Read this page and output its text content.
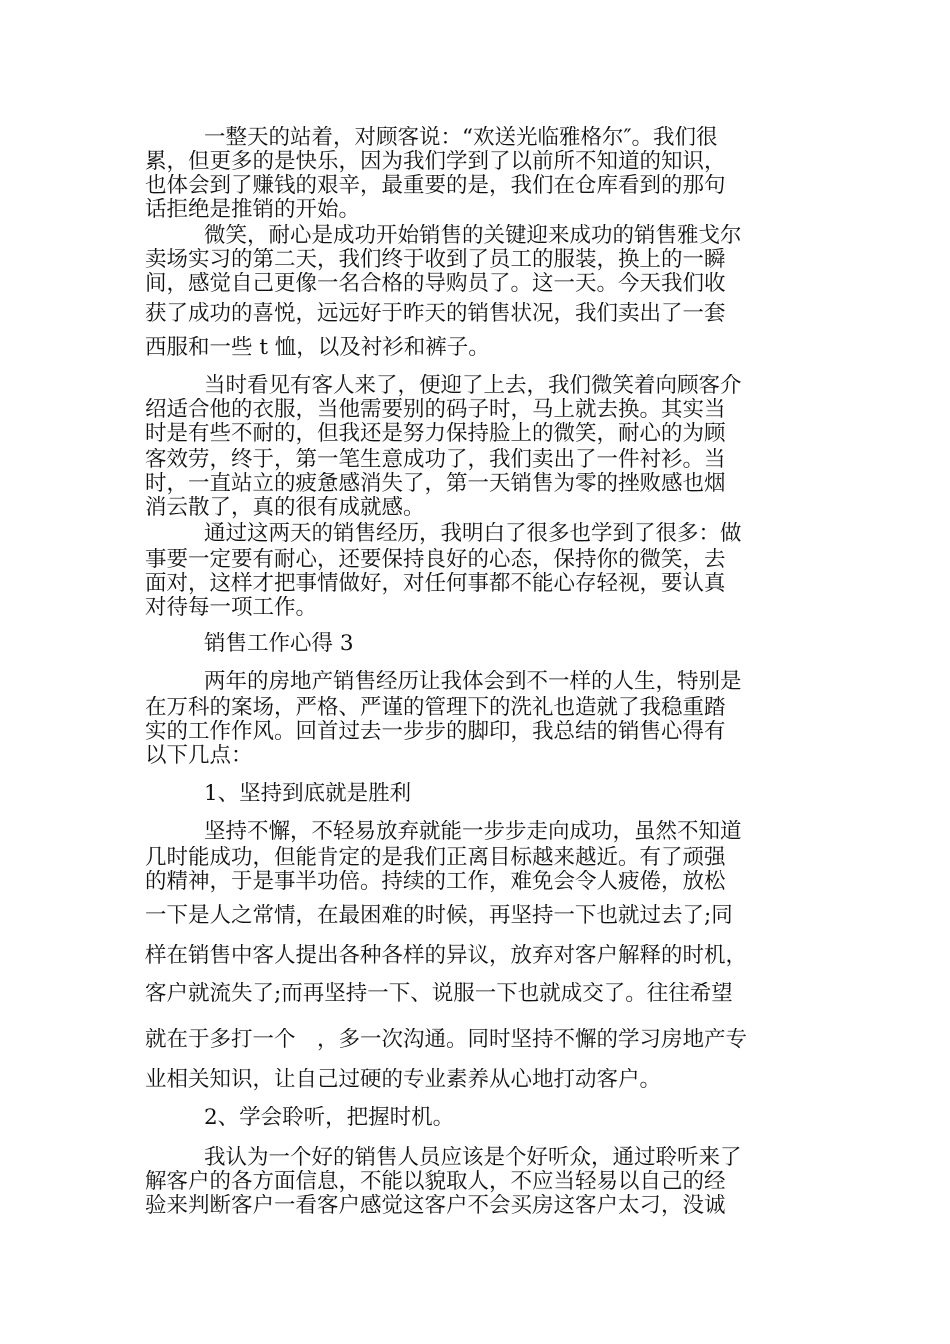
一整天的站着，对顾客说：“欢送光临雅格尔″。我们很
累，但更多的是快乐，因为我们学到了以前所不知道的知识，
也体会到了赚钱的艰辛，最重要的是，我们在仓库看到的那句
话拒绝是推销的开始。
微笑，耐心是成功开始销售的关键迎来成功的销售雅戈尔
卖场实习的第二天，我们终于收到了员工的服装，换上的一瞬
间，感觉自己更像一名合格的导购员了。这一天。今天我们收
获了成功的喜悦，远远好于昨天的销售状况，我们卖出了一套
西服和一些 t 恤，以及衬衫和裤子。
当时看见有客人来了，便迎了上去，我们微笑着向顾客介
绍适合他的衣服，当他需要别的码子时，马上就去换。其实当
时是有些不耐的，但我还是努力保持脸上的微笑，耐心的为顾
客效劳，终于，第一笔生意成功了，我们卖出了一件衬衫。当
时，一直站立的疲惫感消失了，第一天销售为零的挫败感也烟
消云散了，真的很有成就感。
通过这两天的销售经历，我明白了很多也学到了很多：做
事要一定要有耐心，还要保持良好的心态，保持你的微笑，去
面对，这样才把事情做好，对任何事都不能心存轻视，要认真
对待每一项工作。
销售工作心得 3
两年的房地产销售经历让我体会到不一样的人生，特别是
在万科的案场，严格、严谨的管理下的洗礼也造就了我稳重踏
实的工作作风。回首过去一步步的脚印，我总结的销售心得有
以下几点：
1、坚持到底就是胜利
坚持不懈，不轻易放弃就能一步步走向成功，虽然不知道
几时能成功，但能肯定的是我们正离目标越来越近。有了顽强
的精神，于是事半功倍。持续的工作，难免会令人疲倦，放松
一下是人之常情，在最困难的时候，再坚持一下也就过去了;同
样在销售中客人提出各种各样的异议，放弃对客户解释的时机，
客户就流失了;而再坚持一下、说服一下也就成交了。往往希望
就在于多打一个　，多一次沟通。同时坚持不懈的学习房地产专
业相关知识，让自己过硬的专业素养从心地打动客户。
2、学会聆听，把握时机。
我认为一个好的销售人员应该是个好听众，通过聆听来了
解客户的各方面信息，不能以貌取人，不应当轻易以自己的经
验来判断客户一看客户感觉这客户不会买房这客户太刁，没诚
